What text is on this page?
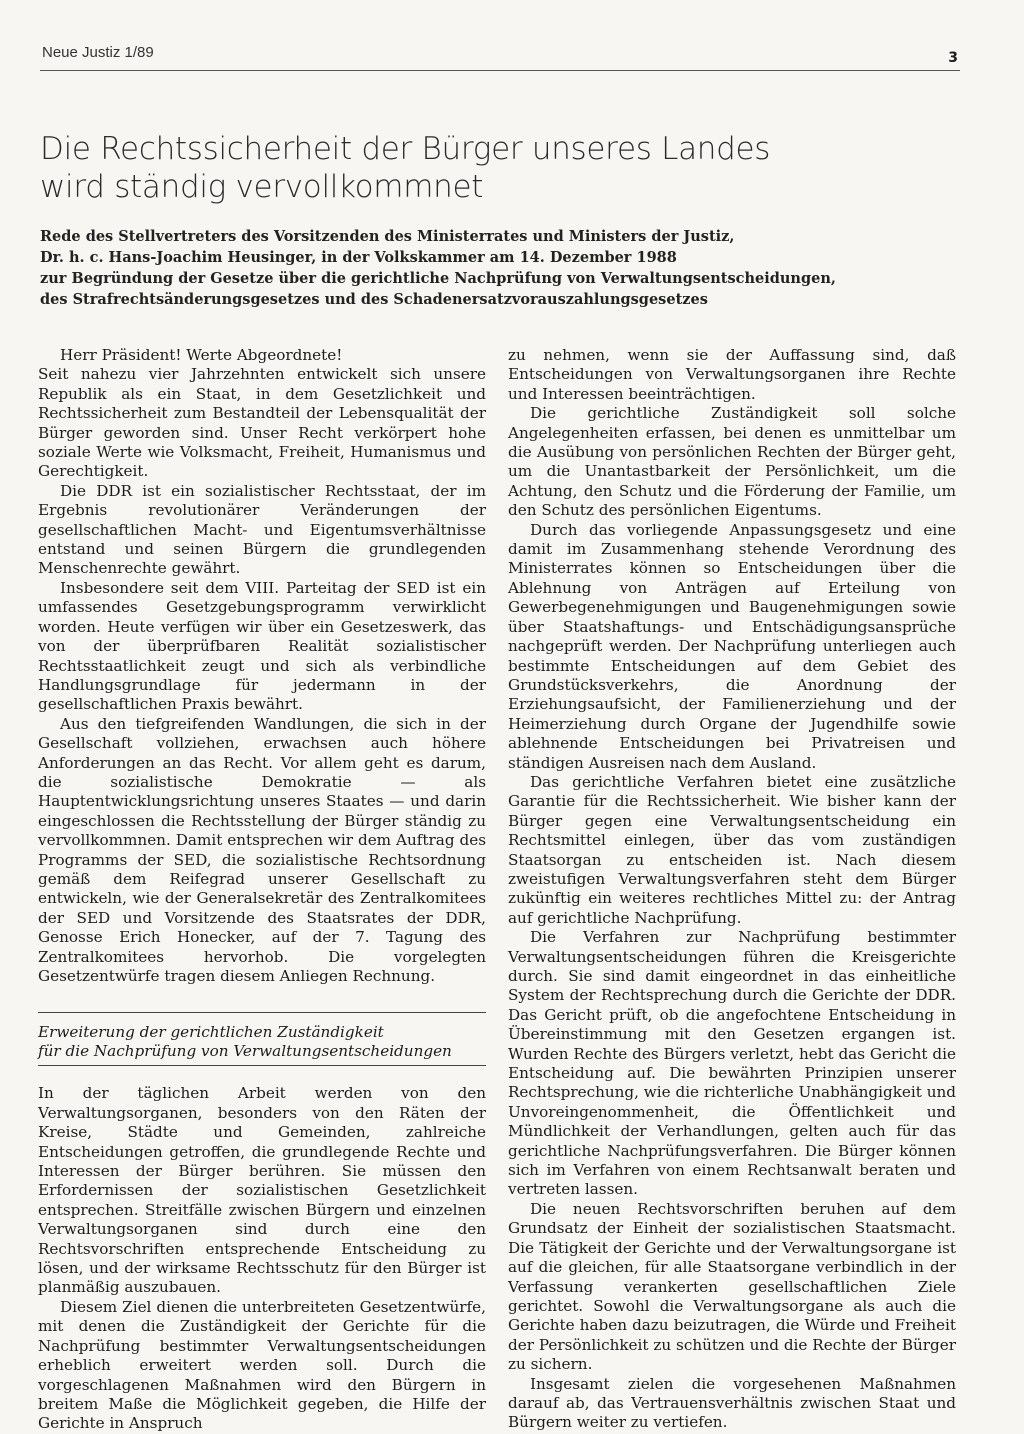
Neue Justiz 1/89	3
Die Rechtssicherheit der Bürger unseres Landes
wird ständig vervollkommnet
Rede des Stellvertreters des Vorsitzenden des Ministerrates und Ministers der Justiz,
Dr. h. c. Hans-Joachim Heusinger, in der Volkskammer am 14. Dezember 1988
zur Begründung der Gesetze über die gerichtliche Nachprüfung von Verwaltungsentscheidungen,
des Strafrechtsänderungsgesetzes und des Schadenersatzvorauszahlungsgesetzes

Herr Präsident! Werte Abgeordnete!

Seit nahezu vier Jahrzehnten entwickelt sich unsere Republik als ein Staat, in dem Gesetzlichkeit und Rechtssicherheit zum Bestandteil der Lebensqualität der Bürger geworden sind. Unser Recht verkörpert hohe soziale Werte wie Volksmacht, Freiheit, Humanismus und Gerechtigkeit.

Die DDR ist ein sozialistischer Rechtsstaat, der im Ergebnis revolutionärer Veränderungen der gesellschaftlichen Macht- und Eigentumsverhältnisse entstand und seinen Bürgern die grundlegenden Menschenrechte gewährt.

Insbesondere seit dem VIII. Parteitag der SED ist ein umfassendes Gesetzgebungsprogramm verwirklicht worden. Heute verfügen wir über ein Gesetzeswerk, das von der überprüfbaren Realität sozialistischer Rechtsstaatlichkeit zeugt und sich als verbindliche Handlungsgrundlage für jedermann in der gesellschaftlichen Praxis bewährt.

Aus den tiefgreifenden Wandlungen, die sich in der Gesellschaft vollziehen, erwachsen auch höhere Anforderungen an das Recht. Vor allem geht es darum, die sozialistische Demokratie — als Hauptentwicklungsrichtung unseres Staates — und darin eingeschlossen die Rechtsstellung der Bürger ständig zu vervollkommnen. Damit entsprechen wir dem Auftrag des Programms der SED, die sozialistische Rechtsordnung gemäß dem Reifegrad unserer Gesellschaft zu entwickeln, wie der Generalsekretär des Zentralkomitees der SED und Vorsitzende des Staatsrates der DDR, Genosse Erich Honecker, auf der 7. Tagung des Zentralkomitees hervorhob. Die vorgelegten Gesetzentwürfe tragen diesem Anliegen Rechnung.

Erweiterung der gerichtlichen Zuständigkeit
für die Nachprüfung von Verwaltungsentscheidungen

In der täglichen Arbeit werden von den Verwaltungsorganen, besonders von den Räten der Kreise, Städte und Gemeinden, zahlreiche Entscheidungen getroffen, die grundlegende Rechte und Interessen der Bürger berühren. Sie müssen den Erfordernissen der sozialistischen Gesetzlichkeit entsprechen. Streitfälle zwischen Bürgern und einzelnen Verwaltungsorganen sind durch eine den Rechtsvorschriften entsprechende Entscheidung zu lösen, und der wirksame Rechtsschutz für den Bürger ist planmäßig auszubauen.

Diesem Ziel dienen die unterbreiteten Gesetzentwürfe, mit denen die Zuständigkeit der Gerichte für die Nachprüfung bestimmter Verwaltungsentscheidungen erheblich erweitert werden soll. Durch die vorgeschlagenen Maßnahmen wird den Bürgern in breitem Maße die Möglichkeit gegeben, die Hilfe der Gerichte in Anspruch

zu nehmen, wenn sie der Auffassung sind, daß Entscheidungen von Verwaltungsorganen ihre Rechte und Interessen beeinträchtigen.

Die gerichtliche Zuständigkeit soll solche Angelegenheiten erfassen, bei denen es unmittelbar um die Ausübung von persönlichen Rechten der Bürger geht, um die Unantastbarkeit der Persönlichkeit, um die Achtung, den Schutz und die Förderung der Familie, um den Schutz des persönlichen Eigentums.

Durch das vorliegende Anpassungsgesetz und eine damit im Zusammenhang stehende Verordnung des Ministerrates können so Entscheidungen über die Ablehnung von Anträgen auf Erteilung von Gewerbegenehmigungen und Baugenehmigungen sowie über Staatshaftungs- und Entschädigungsansprüche nachgeprüft werden. Der Nachprüfung unterliegen auch bestimmte Entscheidungen auf dem Gebiet des Grundstücksverkehrs, die Anordnung der Erziehungsaufsicht, der Familienerziehung und der Heimerziehung durch Organe der Jugendhilfe sowie ablehnende Entscheidungen bei Privatreisen und ständigen Ausreisen nach dem Ausland.

Das gerichtliche Verfahren bietet eine zusätzliche Garantie für die Rechtssicherheit. Wie bisher kann der Bürger gegen eine Verwaltungsentscheidung ein Rechtsmittel einlegen, über das vom zuständigen Staatsorgan zu entscheiden ist. Nach diesem zweistufigen Verwaltungsverfahren steht dem Bürger zukünftig ein weiteres rechtliches Mittel zu: der Antrag auf gerichtliche Nachprüfung.

Die Verfahren zur Nachprüfung bestimmter Verwaltungsentscheidungen führen die Kreisgerichte durch. Sie sind damit eingeordnet in das einheitliche System der Rechtsprechung durch die Gerichte der DDR. Das Gericht prüft, ob die angefochtene Entscheidung in Übereinstimmung mit den Gesetzen ergangen ist. Wurden Rechte des Bürgers verletzt, hebt das Gericht die Entscheidung auf. Die bewährten Prinzipien unserer Rechtsprechung, wie die richterliche Unabhängigkeit und Unvoreingenommenheit, die Öffentlichkeit und Mündlichkeit der Verhandlungen, gelten auch für das gerichtliche Nachprüfungsverfahren. Die Bürger können sich im Verfahren von einem Rechtsanwalt beraten und vertreten lassen.

Die neuen Rechtsvorschriften beruhen auf dem Grundsatz der Einheit der sozialistischen Staatsmacht. Die Tätigkeit der Gerichte und der Verwaltungsorgane ist auf die gleichen, für alle Staatsorgane verbindlich in der Verfassung verankerten gesellschaftlichen Ziele gerichtet. Sowohl die Verwaltungsorgane als auch die Gerichte haben dazu beizutragen, die Würde und Freiheit der Persönlichkeit zu schützen und die Rechte der Bürger zu sichern.

Insgesamt zielen die vorgesehenen Maßnahmen darauf ab, das Vertrauensverhältnis zwischen Staat und Bürgern weiter zu vertiefen.
